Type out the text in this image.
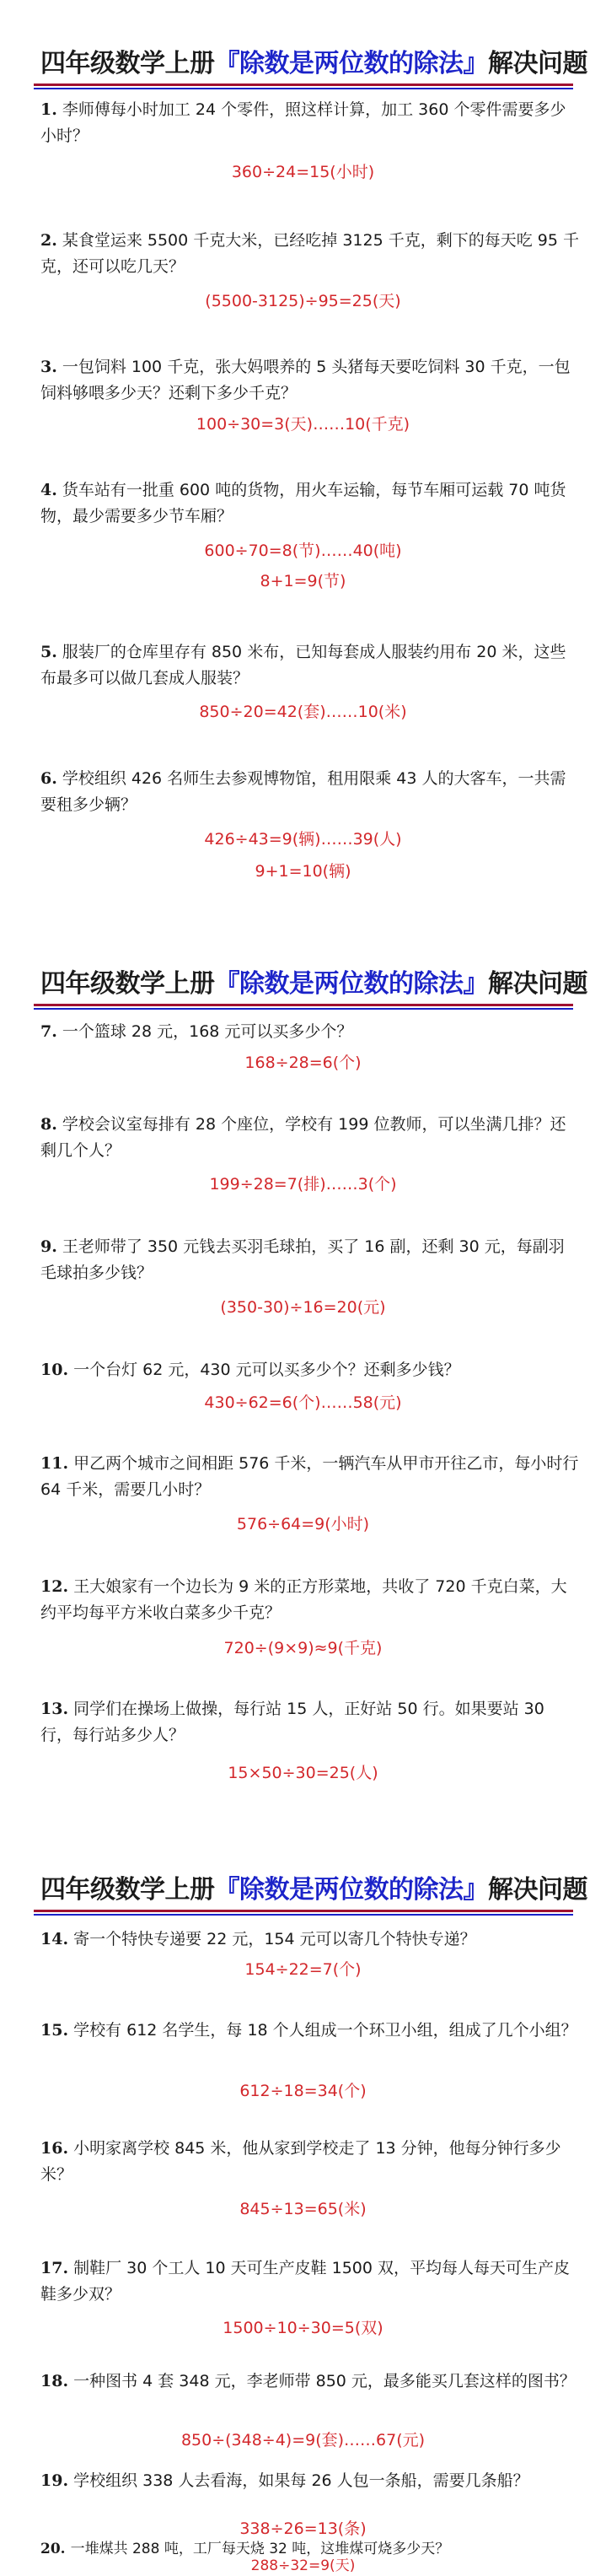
四年级数学上册『除数是两位数的除法』解决问题
1. 李师傅每小时加工 24 个零件，照这样计算，加工 360 个零件需要多少小时？
360÷24=15(小时)
2. 某食堂运来 5500 千克大米，已经吃掉 3125 千克，剩下的每天吃 95 千克，还可以吃几天？
(5500-3125)÷95=25(天)
3. 一包饲料 100 千克，张大妈喂养的 5 头猪每天要吃饲料 30 千克，一包饲料够喂多少天？还剩下多少千克？
100÷30=3(天)……10(千克)
4. 货车站有一批重 600 吨的货物，用火车运输，每节车厢可运载 70 吨货物，最少需要多少节车厢？
600÷70=8(节)……40(吨)
8+1=9(节)
5. 服装厂的仓库里存有 850 米布，已知每套成人服装约用布 20 米，这些布最多可以做几套成人服装？
850÷20=42(套)……10(米)
6. 学校组织 426 名师生去参观博物馆，租用限乘 43 人的大客车，一共需要租多少辆？
426÷43=9(辆)……39(人)
9+1=10(辆)
四年级数学上册『除数是两位数的除法』解决问题
7. 一个篮球 28 元，168 元可以买多少个？
168÷28=6(个)
8. 学校会议室每排有 28 个座位，学校有 199 位教师，可以坐满几排？还剩几个人？
199÷28=7(排)……3(个)
9. 王老师带了 350 元钱去买羽毛球拍，买了 16 副，还剩 30 元，每副羽毛球拍多少钱？
(350-30)÷16=20(元)
10. 一个台灯 62 元，430 元可以买多少个？还剩多少钱？
430÷62=6(个)……58(元)
11. 甲乙两个城市之间相距 576 千米，一辆汽车从甲市开往乙市，每小时行 64 千米，需要几小时？
576÷64=9(小时)
12. 王大娘家有一个边长为 9 米的正方形菜地，共收了 720 千克白菜，大约平均每平方米收白菜多少千克？
720÷(9×9)≈9(千克)
13. 同学们在操场上做操，每行站 15 人，正好站 50 行。如果要站 30 行，每行站多少人？
15×50÷30=25(人)
四年级数学上册『除数是两位数的除法』解决问题
14. 寄一个特快专递要 22 元，154 元可以寄几个特快专递？
154÷22=7(个)
15. 学校有 612 名学生，每 18 个人组成一个环卫小组，组成了几个小组？
612÷18=34(个)
16. 小明家离学校 845 米，他从家到学校走了 13 分钟，他每分钟行多少米？
845÷13=65(米)
17. 制鞋厂 30 个工人 10 天可生产皮鞋 1500 双，平均每人每天可生产皮鞋多少双？
1500÷10÷30=5(双)
18. 一种图书 4 套 348 元，李老师带 850 元，最多能买几套这样的图书？
850÷(348÷4)=9(套)……67(元)
19. 学校组织 338 人去看海，如果每 26 人包一条船，需要几条船？
338÷26=13(条)
20. 一堆煤共 288 吨，工厂每天烧 32 吨，这堆煤可烧多少天？
288÷32=9(天)
